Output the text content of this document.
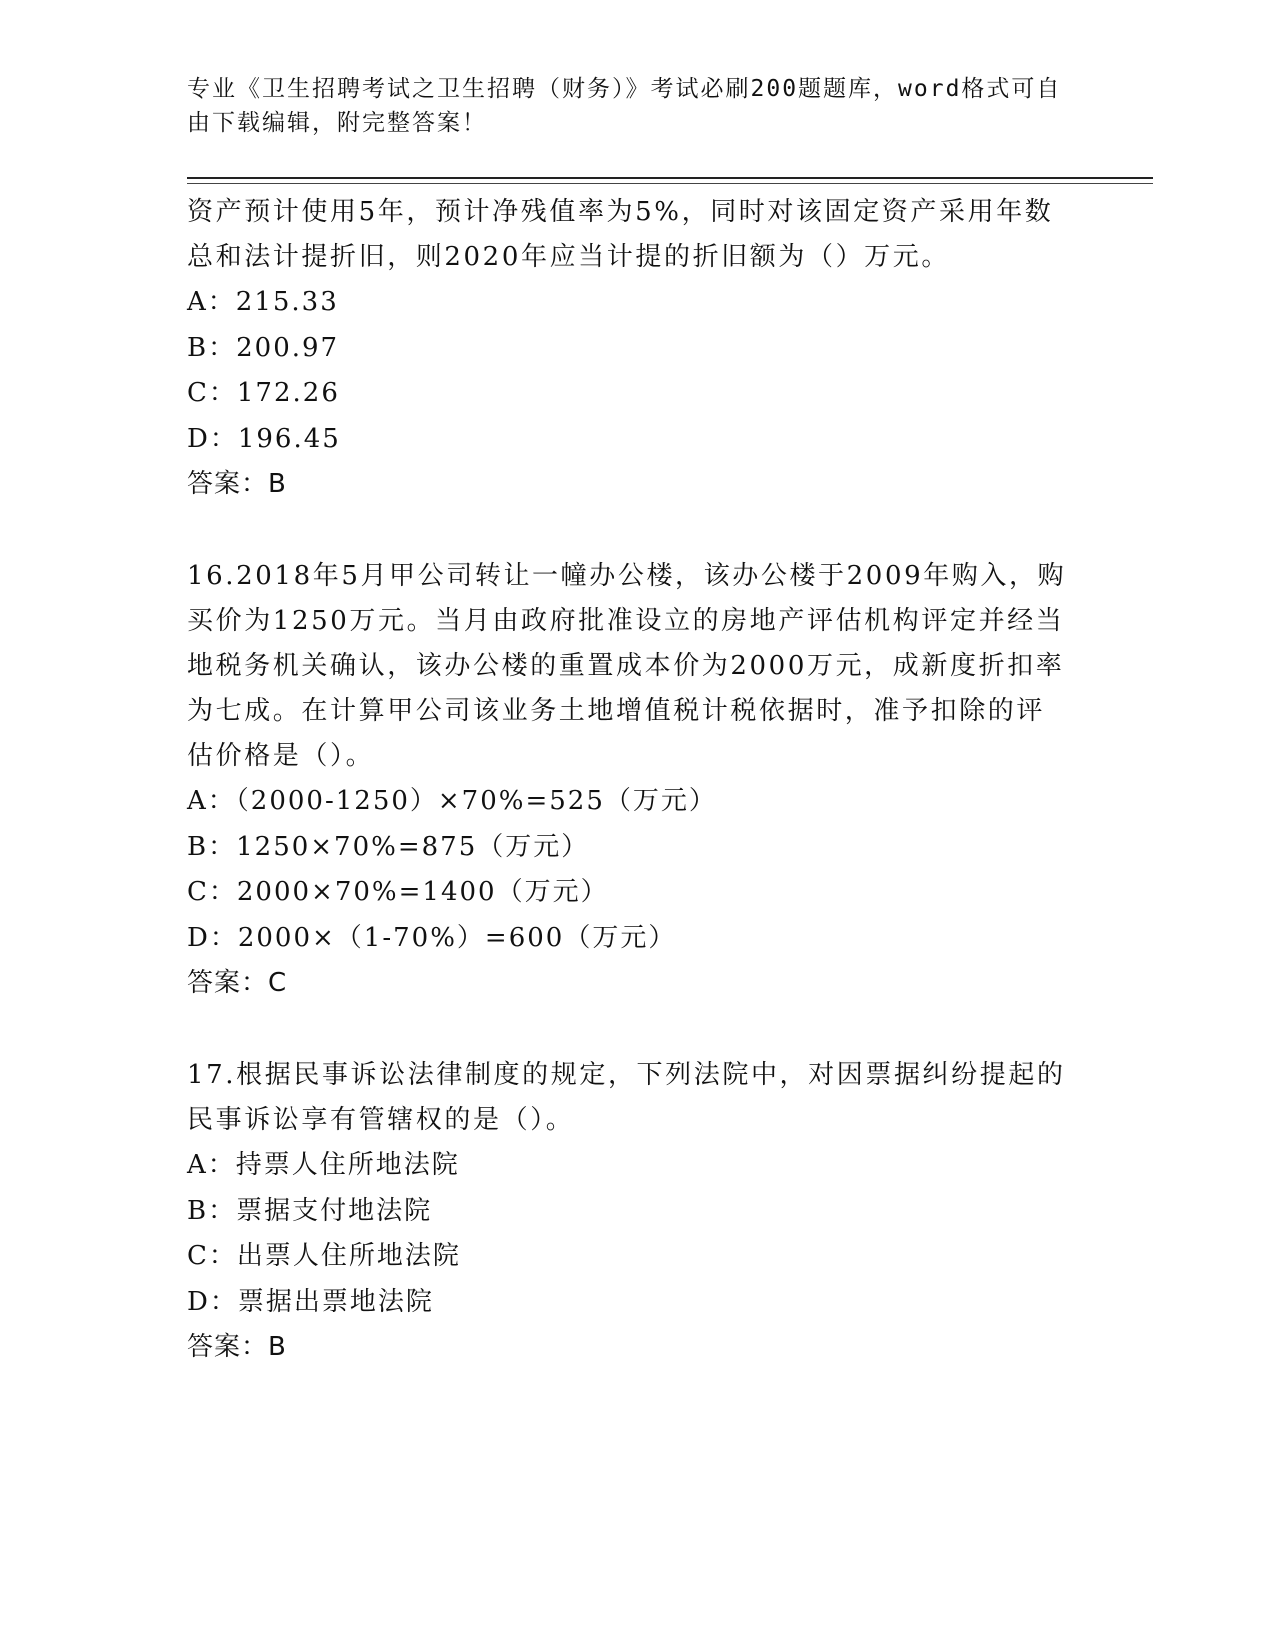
专业《卫生招聘考试之卫生招聘（财务）》考试必刷200题题库，word格式可自
由下载编辑，附完整答案！
资产预计使用5年，预计净残值率为5%，同时对该固定资产采用年数
总和法计提折旧，则2020年应当计提的折旧额为（）万元。
A：215.33
B：200.97
C：172.26
D：196.45
答案：B
16.2018年5月甲公司转让一幢办公楼，该办公楼于2009年购入，购
买价为1250万元。当月由政府批准设立的房地产评估机构评定并经当
地税务机关确认，该办公楼的重置成本价为2000万元，成新度折扣率
为七成。在计算甲公司该业务土地增值税计税依据时，准予扣除的评
估价格是（）。
A：（2000-1250）×70%=525（万元）
B：1250×70%=875（万元）
C：2000×70%=1400（万元）
D：2000×（1-70%）=600（万元）
答案：C
17.根据民事诉讼法律制度的规定，下列法院中，对因票据纠纷提起的
民事诉讼享有管辖权的是（）。
A：持票人住所地法院
B：票据支付地法院
C：出票人住所地法院
D：票据出票地法院
答案：B
